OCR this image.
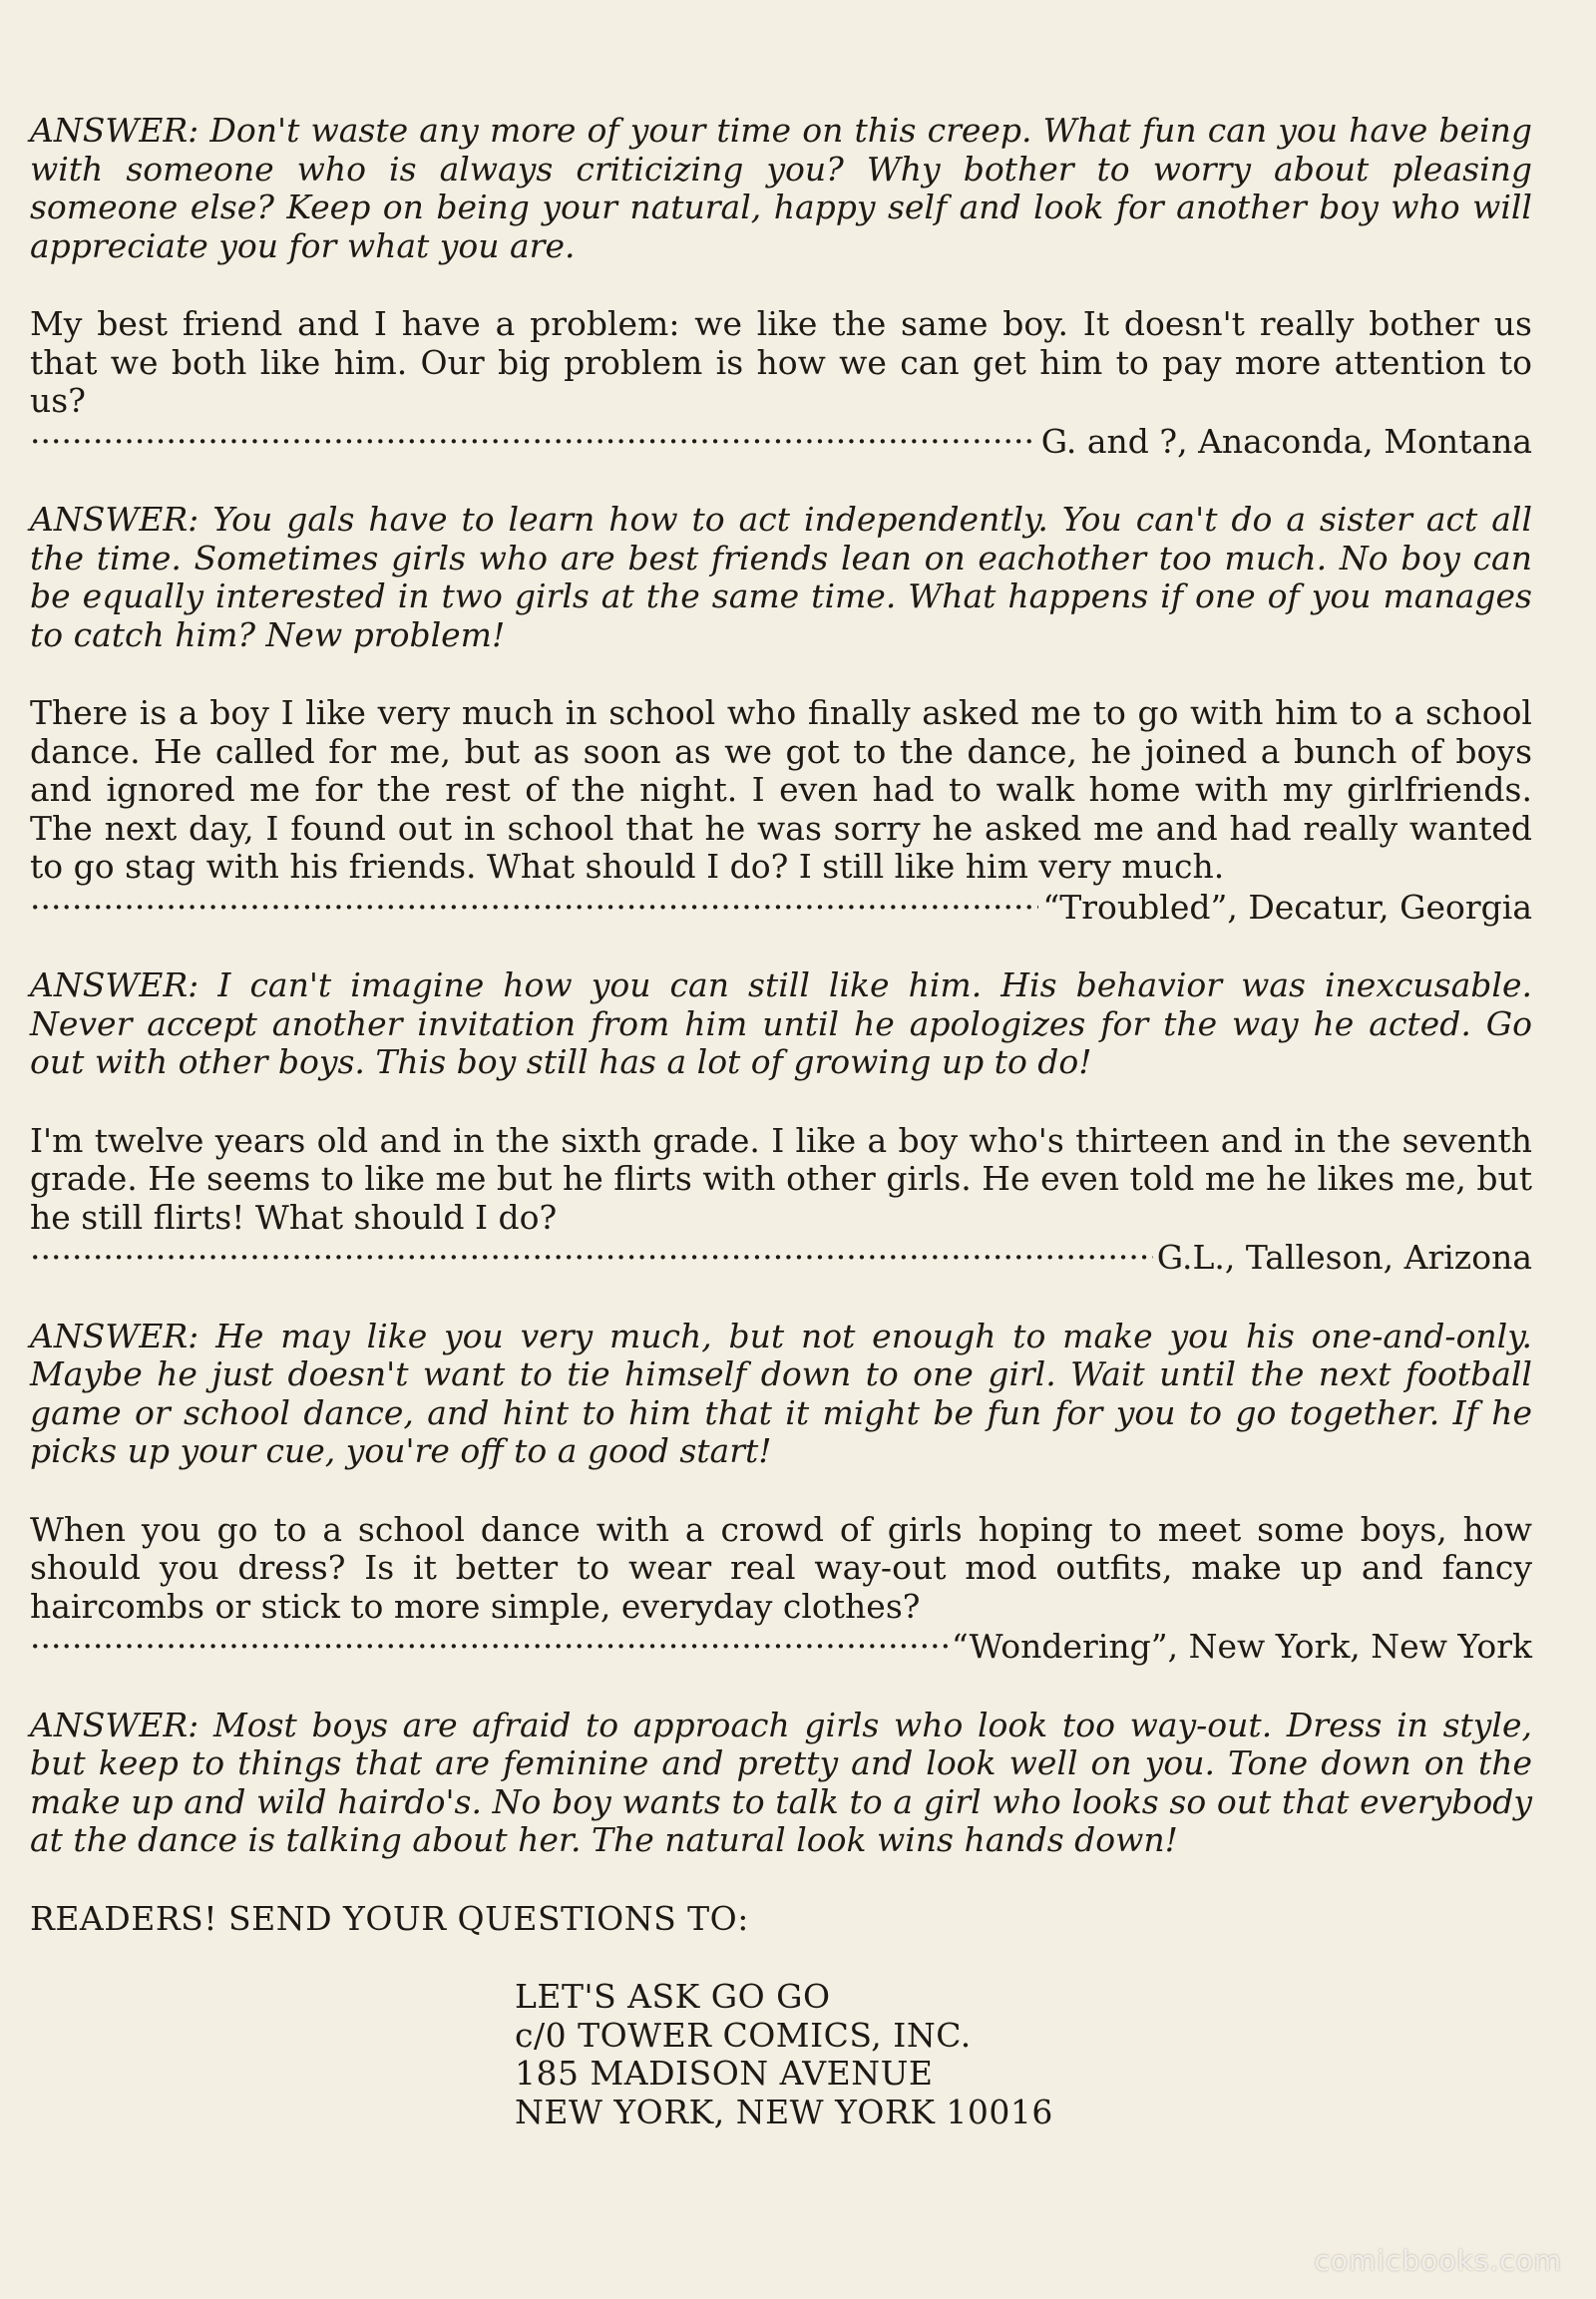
ANSWER: Don't waste any more of your time on this creep. What fun can you have being with someone who is always criticizing you? Why bother to worry about pleasing someone else? Keep on being your natural, happy self and look for another boy who will appreciate you for what you are.

My best friend and I have a problem: we like the same boy. It doesn't really bother us that we both like him. Our big problem is how we can get him to pay more attention to us?

·····
G. and ?, Anaconda, Montana

ANSWER: You gals have to learn how to act independently. You can't do a sister act all the time. Sometimes girls who are best friends lean on eachother too much. No boy can be equally interested in two girls at the same time. What happens if one of you manages to catch him? New problem!

There is a boy I like very much in school who finally asked me to go with him to a school dance. He called for me, but as soon as we got to the dance, he joined a bunch of boys and ignored me for the rest of the night. I even had to walk home with my girlfriends. The next day, I found out in school that he was sorry he asked me and had really wanted to go stag with his friends. What should I do? I still like him very much.

·····
“Troubled”, Decatur, Georgia

ANSWER: I can't imagine how you can still like him. His behavior was inexcusable. Never accept another invitation from him until he apologizes for the way he acted. Go out with other boys. This boy still has a lot of growing up to do!

I'm twelve years old and in the sixth grade. I like a boy who's thirteen and in the seventh grade. He seems to like me but he flirts with other girls. He even told me he likes me, but he still flirts! What should I do?

·····
G.L., Talleson, Arizona

ANSWER: He may like you very much, but not enough to make you his one-and-only. Maybe he just doesn't want to tie himself down to one girl. Wait until the next football game or school dance, and hint to him that it might be fun for you to go together. If he picks up your cue, you're off to a good start!

When you go to a school dance with a crowd of girls hoping to meet some boys, how should you dress? Is it better to wear real way-out mod outfits, make up and fancy haircombs or stick to more simple, everyday clothes?

·····
“Wondering”, New York, New York

ANSWER: Most boys are afraid to approach girls who look too way-out. Dress in style, but keep to things that are feminine and pretty and look well on you. Tone down on the make up and wild hairdo's. No boy wants to talk to a girl who looks so out that everybody at the dance is talking about her. The natural look wins hands down!

READERS! SEND YOUR QUESTIONS TO:
LET'S ASK GO GO
c/0 TOWER COMICS, INC.
185 MADISON AVENUE
NEW YORK, NEW YORK 10016
comicbooks.com
